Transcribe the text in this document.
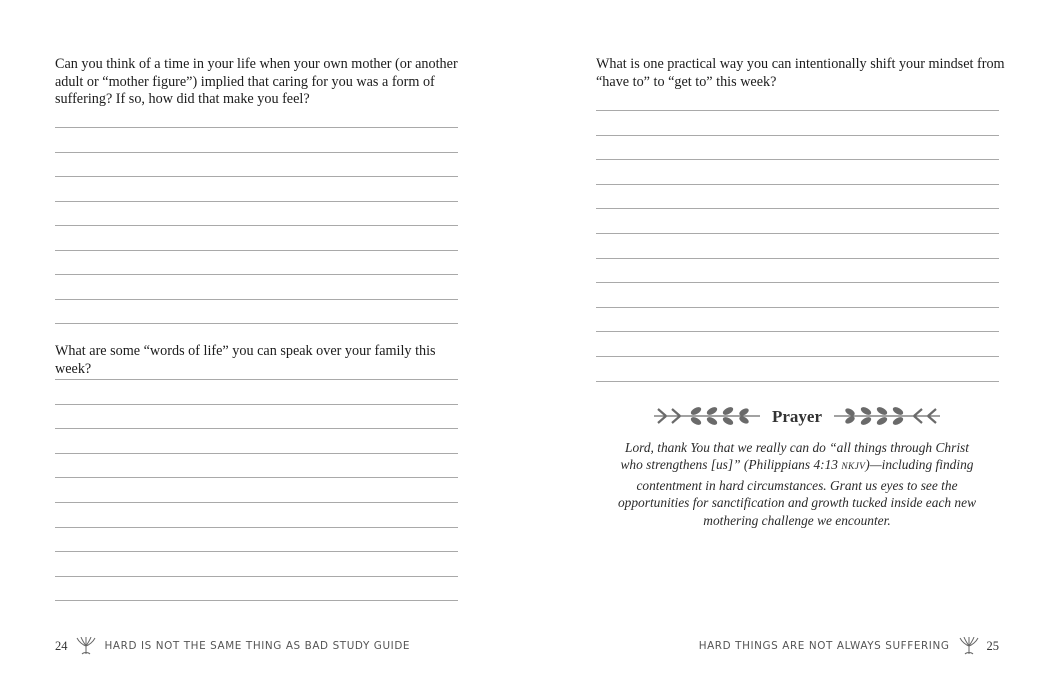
Can you think of a time in your life when your own mother (or another adult or “mother figure”) implied that caring for you was a form of suffering? If so, how did that make you feel?

What are some “words of life” you can speak over your family this week?

24	HARD IS NOT THE SAME THING AS BAD STUDY GUIDE

What is one practical way you can intentionally shift your mindset from “have to” to “get to” this week?

Prayer
Lord, thank You that we really can do “all things through Christ who strengthens [us]” (Philippians 4:13 NKJV)—including finding contentment in hard circumstances. Grant us eyes to see the opportunities for sanctification and growth tucked inside each new mothering challenge we encounter.
HARD THINGS ARE NOT ALWAYS SUFFERING	25
